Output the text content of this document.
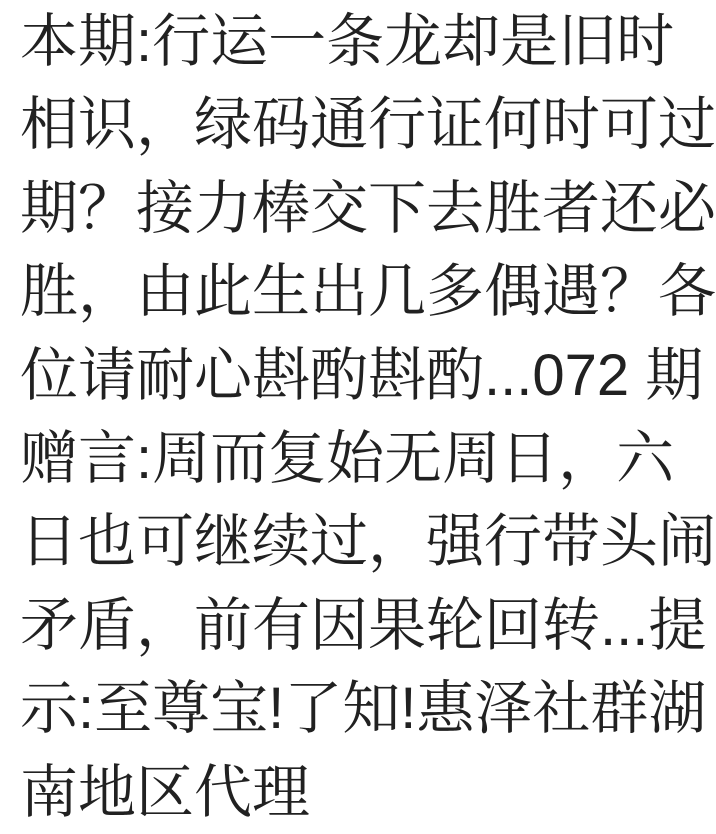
本期:行运一条龙却是旧时
相识，绿码通行证何时可过
期？接力棒交下去胜者还必
胜，由此生出几多偶遇？各
位请耐心斟酌斟酌...072 期
赠言:周而复始无周日，六
日也可继续过，强行带头闹
矛盾，前有因果轮回转...提
示:至尊宝!了知!惠泽社群湖
南地区代理
